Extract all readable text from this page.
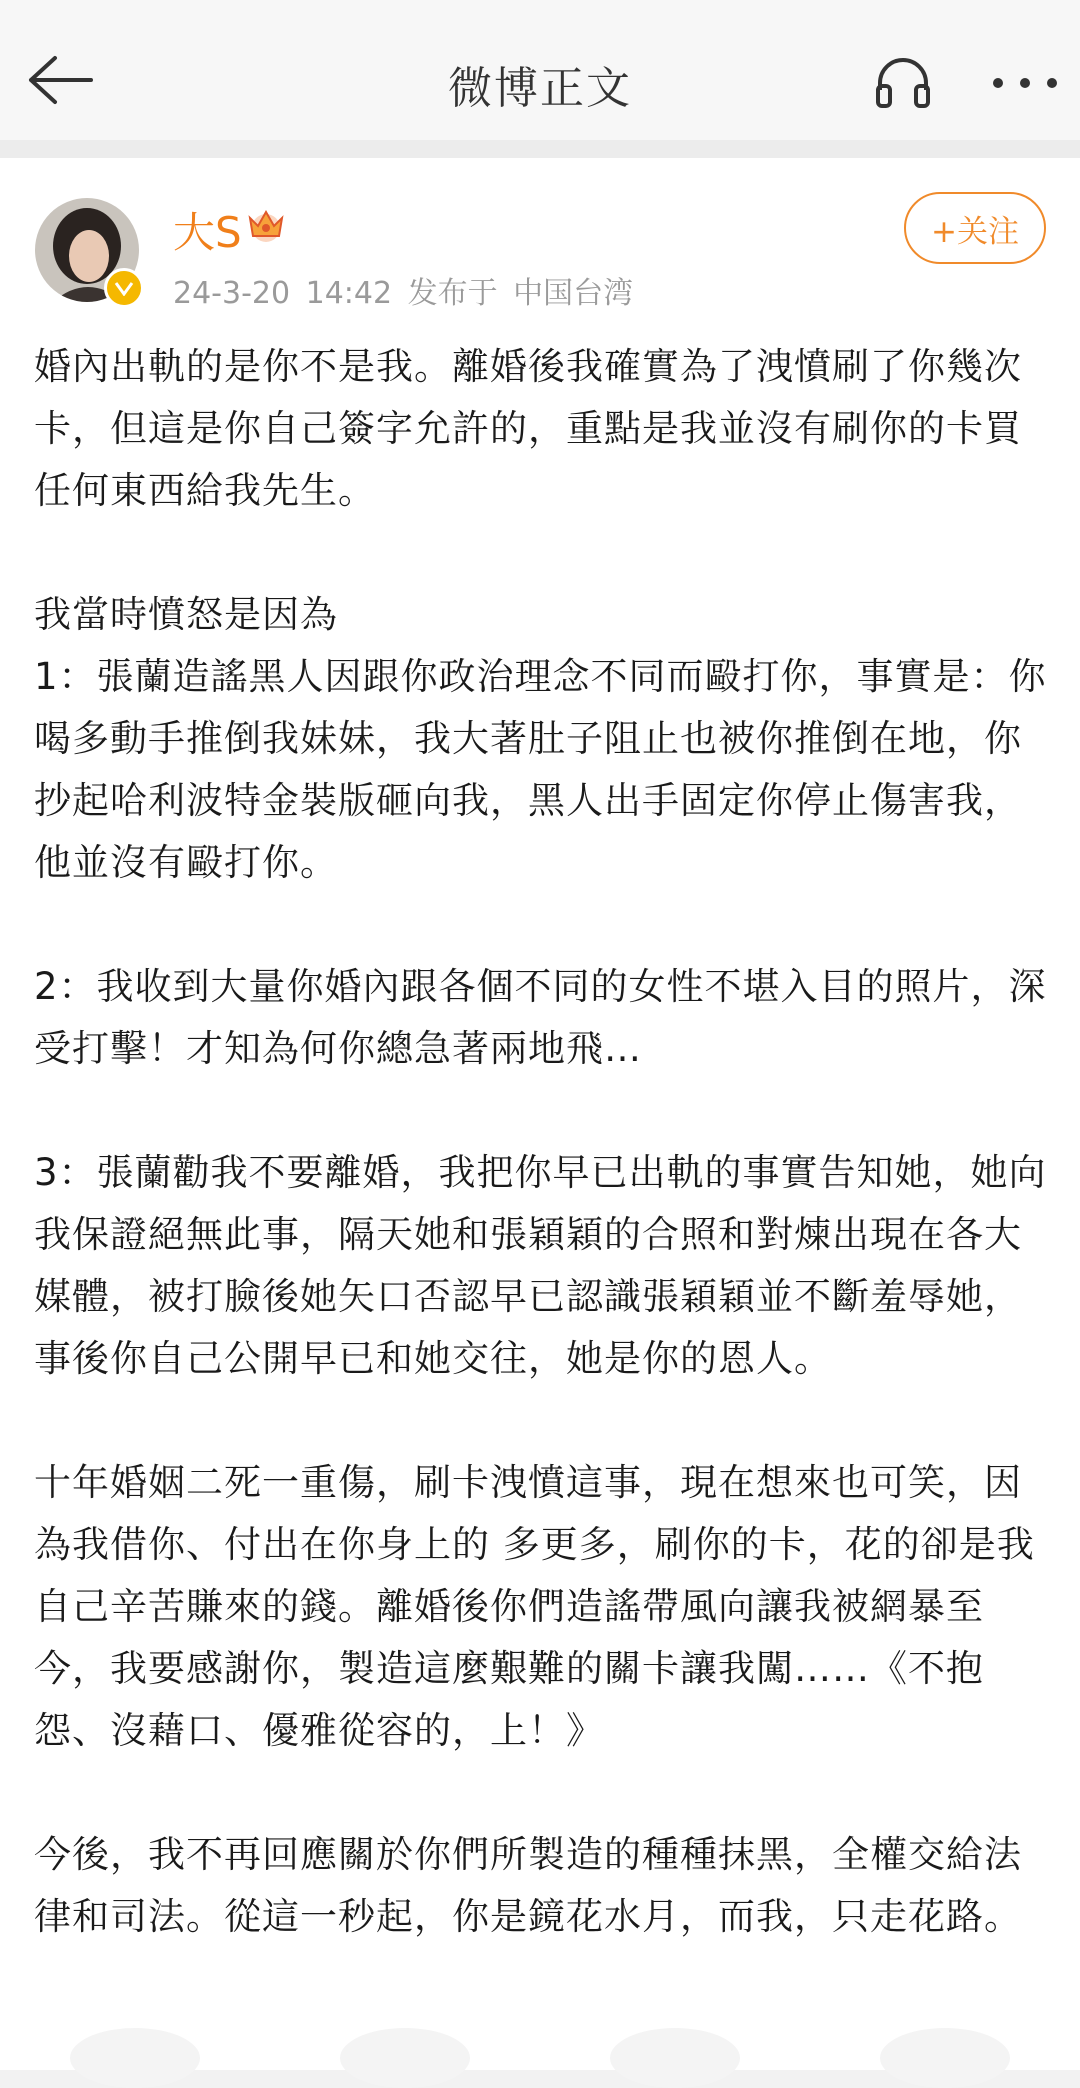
微博正文
大S
24-3-20 14:42 发布于 中国台湾
+关注

婚內出軌的是你不是我。離婚後我確實為了洩憤刷了你幾次卡，但這是你自己簽字允許的，重點是我並沒有刷你的卡買任何東西給我先生。

我當時憤怒是因為
1：張蘭造謠黑人因跟你政治理念不同而毆打你，事實是：你喝多動手推倒我妹妹，我大著肚子阻止也被你推倒在地，你抄起哈利波特金裝版砸向我，黑人出手固定你停止傷害我，他並沒有毆打你。

2：我收到大量你婚內跟各個不同的女性不堪入目的照片，深受打擊！才知為何你總急著兩地飛…

3：張蘭勸我不要離婚，我把你早已出軌的事實告知她，她向我保證絕無此事，隔天她和張穎穎的合照和對煉出現在各大媒體，被打臉後她矢口否認早已認識張穎穎並不斷羞辱她，事後你自己公開早已和她交往，她是你的恩人。

十年婚姻二死一重傷，刷卡洩憤這事，現在想來也可笑，因為我借你、付出在你身上的 多更多，刷你的卡，花的卻是我自己辛苦賺來的錢。離婚後你們造謠帶風向讓我被網暴至今，我要感謝你，製造這麼艱難的關卡讓我闖……《不抱怨、沒藉口、優雅從容的，上！》

今後，我不再回應關於你們所製造的種種抹黑，全權交給法律和司法。從這一秒起，你是鏡花水月，而我，只走花路。
